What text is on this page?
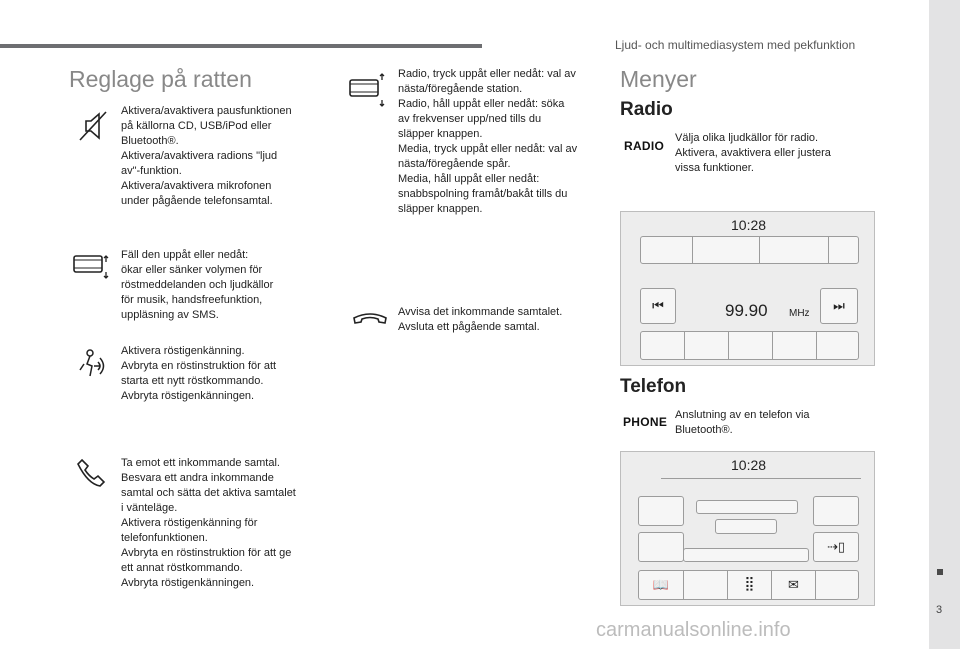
Ljud- och multimediasystem med pekfunktion
3
carmanualsonline.info
Reglage på ratten

Aktivera/avaktivera pausfunktionen

på källorna CD, USB/iPod eller

Bluetooth®.

Aktivera/avaktivera radions "ljud

av"-funktion.

Aktivera/avaktivera mikrofonen

under pågående telefonsamtal.

Fäll den uppåt eller nedåt:

ökar eller sänker volymen för

röstmeddelanden och ljudkällor

för musik, handsfreefunktion,

uppläsning av SMS.

Aktivera röstigenkänning.

Avbryta en röstinstruktion för att

starta ett nytt röstkommando.

Avbryta röstigenkänningen.

Ta emot ett inkommande samtal.

Besvara ett andra inkommande

samtal och sätta det aktiva samtalet

i vänteläge.

Aktivera röstigenkänning för

telefonfunktionen.

Avbryta en röstinstruktion för att ge

ett annat röstkommando.

Avbryta röstigenkänningen.

Radio, tryck uppåt eller nedåt: val av

nästa/föregående station.

Radio, håll uppåt eller nedåt: söka

av frekvenser upp/ned tills du

släpper knappen.

Media, tryck uppåt eller nedåt: val av

nästa/föregående spår.

Media, håll uppåt eller nedåt:

snabbspolning framåt/bakåt tills du

släpper knappen.

Avvisa det inkommande samtalet.

Avsluta ett pågående samtal.

Menyer
Radio
RADIO

Välja olika ljudkällor för radio.

Aktivera, avaktivera eller justera

vissa funktioner.

10:28
⏮	99.90 MHz
⏭
Telefon
PHONE Anslutning av en telefon via

Bluetooth®.

10:28
⇢▯
📖	⣿	✉
